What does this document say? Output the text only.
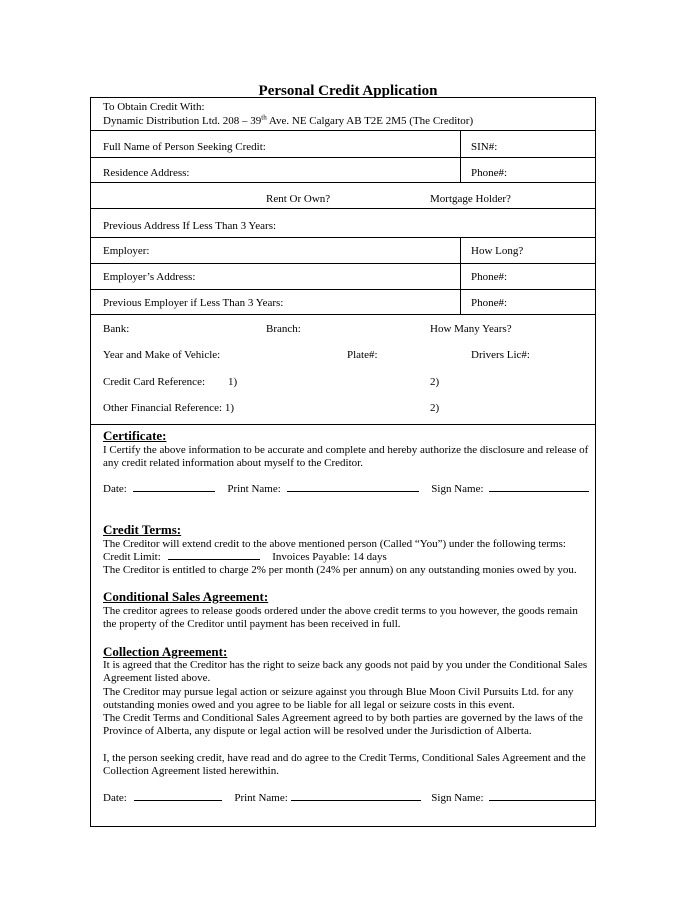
Personal Credit Application
To Obtain Credit With:
Dynamic Distribution Ltd. 208 – 39th Ave. NE Calgary AB T2E 2M5 (The Creditor)
Full Name of Person Seeking Credit:	SIN#:
Residence Address:	Phone#:
Rent Or Own?	Mortgage Holder?
Previous Address If Less Than 3 Years:
Employer:	How Long?
Employer’s Address:	Phone#:
Previous Employer if Less Than 3 Years:	Phone#:
Bank:	Branch:	How Many Years?
Year and Make of Vehicle:	Plate#:	Drivers Lic#:
Credit Card Reference: 1)	2)
Other Financial Reference: 1)	2)
Certificate:
I Certify the above information to be accurate and complete and hereby authorize the disclosure and release of any credit related information about myself to the Creditor.
Date:	Print Name:	Sign Name:
Credit Terms:
The Creditor will extend credit to the above mentioned person (Called “You”) under the following terms:
Credit Limit:	Invoices Payable: 14 days
The Creditor is entitled to charge 2% per month (24% per annum) on any outstanding monies owed by you.
Conditional Sales Agreement:
The creditor agrees to release goods ordered under the above credit terms to you however, the goods remain the property of the Creditor until payment has been received in full.
Collection Agreement:
It is agreed that the Creditor has the right to seize back any goods not paid by you under the Conditional Sales Agreement listed above.
The Creditor may pursue legal action or seizure against you through Blue Moon Civil Pursuits Ltd. for any outstanding monies owed and you agree to be liable for all legal or seizure costs in this event.
The Credit Terms and Conditional Sales Agreement agreed to by both parties are governed by the laws of the Province of Alberta, any dispute or legal action will be resolved under the Jurisdiction of Alberta.
I, the person seeking credit, have read and do agree to the Credit Terms, Conditional Sales Agreement and the Collection Agreement listed herewithin.
Date:	Print Name:	Sign Name:
